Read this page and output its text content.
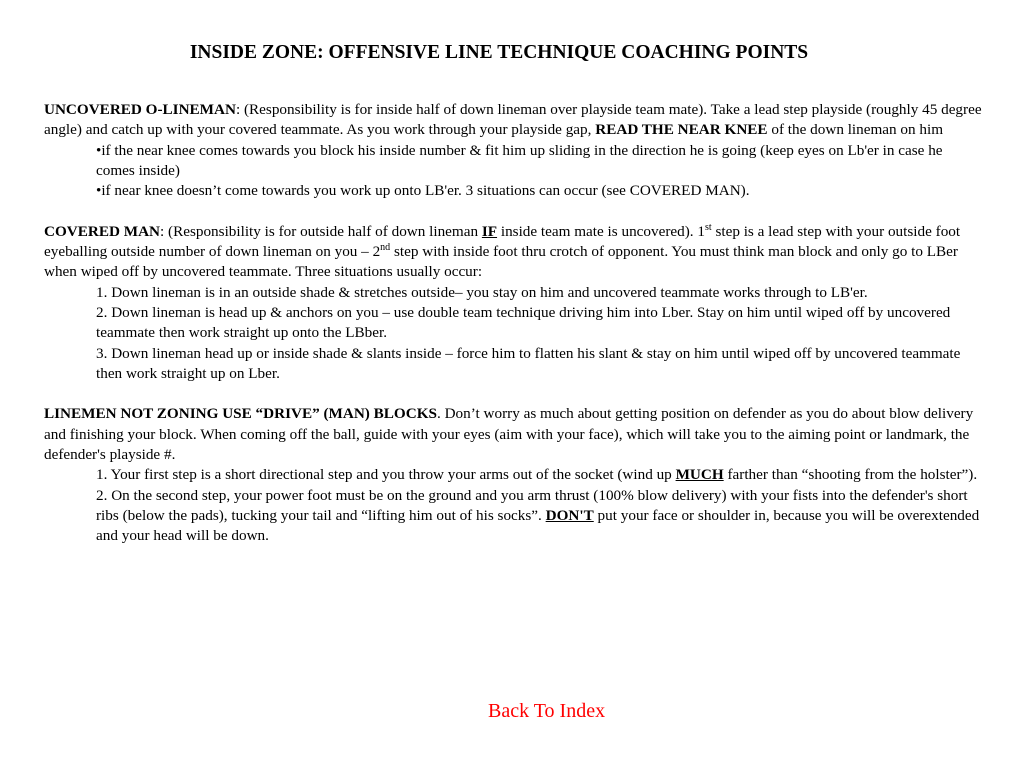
INSIDE ZONE: OFFENSIVE LINE TECHNIQUE COACHING POINTS

UNCOVERED O-LINEMAN: (Responsibility is for inside half of down lineman over playside team mate). Take a lead step playside (roughly 45 degree angle) and catch up with your covered teammate. As you work through your playside gap, READ THE NEAR KNEE of the down lineman on him

•if the near knee comes towards you block his inside number & fit him up sliding in the direction he is going (keep eyes on Lb'er in case he comes inside)

•if near knee doesn’t come towards you work up onto LB'er. 3 situations can occur (see COVERED MAN).

COVERED MAN: (Responsibility is for outside half of down lineman IF inside team mate is uncovered). 1st step is a lead step with your outside foot eyeballing outside number of down lineman on you – 2nd step with inside foot thru crotch of opponent. You must think man block and only go to LBer when wiped off by uncovered teammate. Three situations usually occur:

1. Down lineman is in an outside shade & stretches outside– you stay on him and uncovered teammate works through to LB'er.

2. Down lineman is head up & anchors on you – use double team technique driving him into Lber. Stay on him until wiped off by uncovered teammate then work straight up onto the LBber.

3. Down lineman head up or inside shade & slants inside – force him to flatten his slant & stay on him until wiped off by uncovered teammate then work straight up on Lber.

LINEMEN NOT ZONING USE “DRIVE” (MAN) BLOCKS. Don’t worry as much about getting position on defender as you do about blow delivery and finishing your block. When coming off the ball, guide with your eyes (aim with your face), which will take you to the aiming point or landmark, the defender's playside #.

1. Your first step is a short directional step and you throw your arms out of the socket (wind up MUCH farther than “shooting from the holster”).

2. On the second step, your power foot must be on the ground and you arm thrust (100% blow delivery) with your fists into the defender's short ribs (below the pads), tucking your tail and “lifting him out of his socks”. DON'T put your face or shoulder in, because you will be overextended and your head will be down.

Back To Index
